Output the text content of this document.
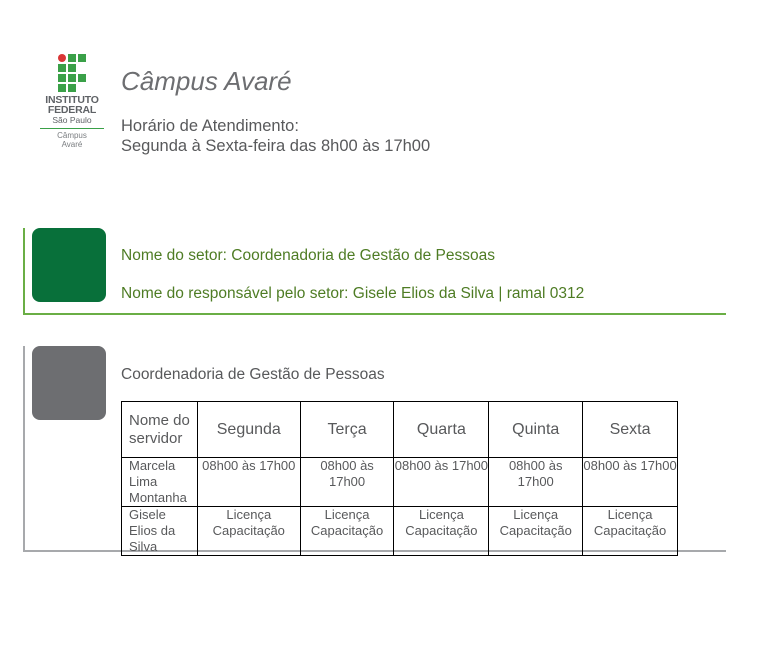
INSTITUTO
FEDERAL
São Paulo
Câmpus
Avaré
Câmpus Avaré
Horário de Atendimento:
Segunda à Sexta-feira das 8h00 às 17h00
Nome do setor: Coordenadoria de Gestão de Pessoas
Nome do responsável pelo setor: Gisele Elios da Silva | ramal 0312
Coordenadoria de Gestão de Pessoas
Nome do servidor	Segunda	Terça	Quarta	Quinta	Sexta
Marcela Lima Montanha	08h00 às 17h00	08h00 às 17h00	08h00 às 17h00	08h00 às 17h00	08h00 às 17h00
Gisele Elios da Silva	Licença Capacitação	Licença Capacitação	Licença Capacitação	Licença Capacitação	Licença Capacitação
